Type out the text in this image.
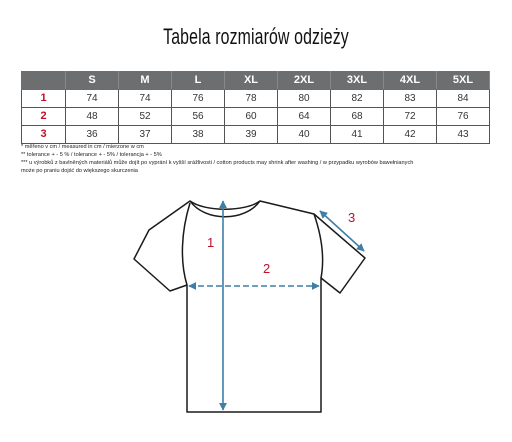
Tabela rozmiarów odzieży
	S	M	L	XL	2XL	3XL	4XL	5XL
1	74	74	76	78	80	82	83	84
2	48	52	56	60	64	68	72	76
3	36	37	38	39	40	41	42	43
* měřeno v cm / measured in cm / mierzone w cm
** tolerance + - 5 % / tolerance + - 5% / tolerancja + - 5%
*** u výrobků z bavlněných materiálů může dojít po vyprání k vyšší srážlivosti / cotton products may shrink after washing / w przypadku wyrobów bawełnianych
może po praniu dojść do większego skurczenia
1
2
3
